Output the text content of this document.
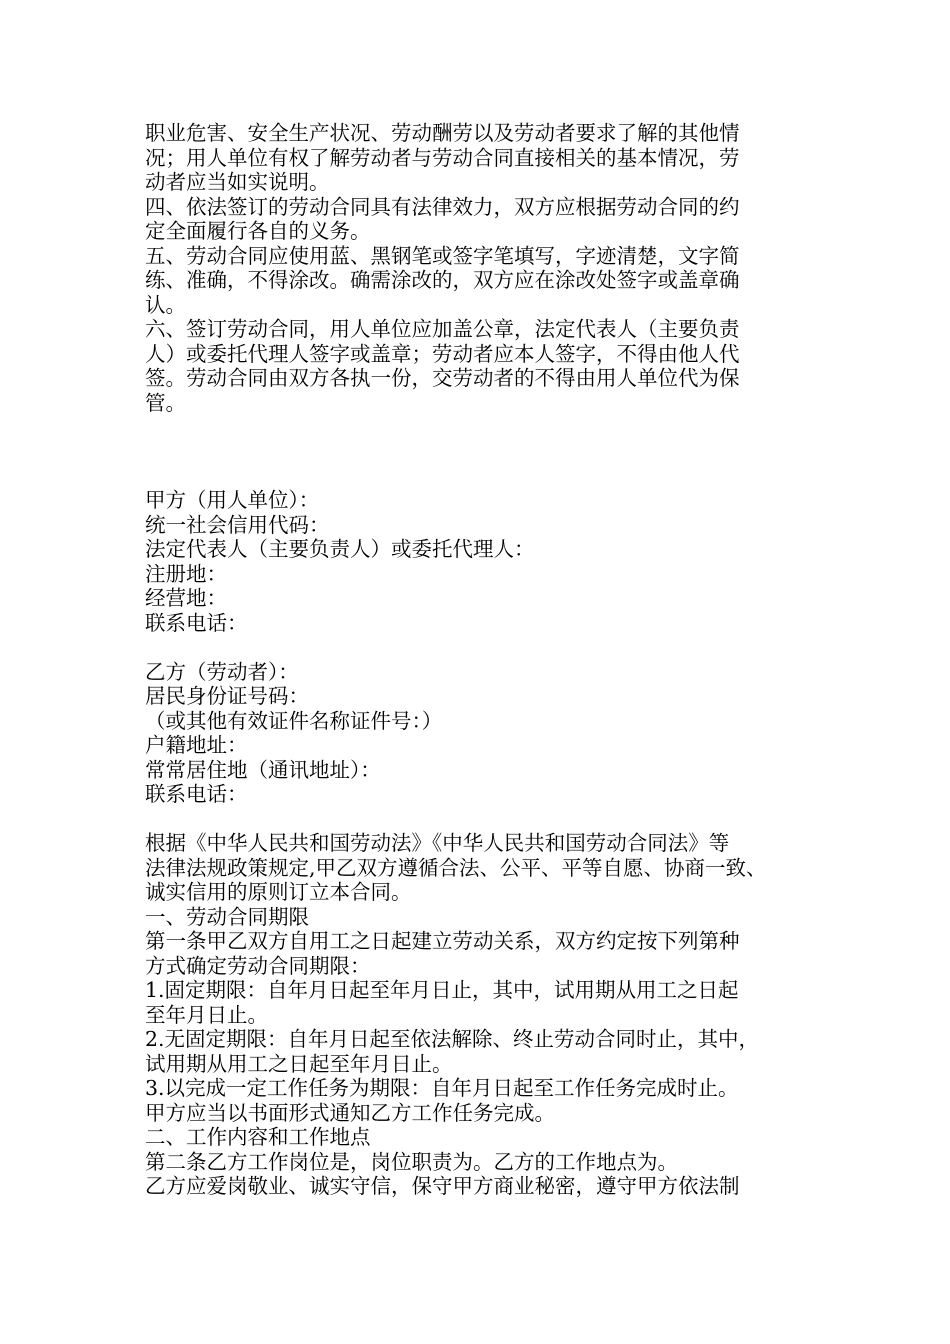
职业危害、安全生产状况、劳动酬劳以及劳动者要求了解的其他情
况；用人单位有权了解劳动者与劳动合同直接相关的基本情况，劳
动者应当如实说明。
四、依法签订的劳动合同具有法律效力，双方应根据劳动合同的约
定全面履行各自的义务。
五、劳动合同应使用蓝、黑钢笔或签字笔填写，字迹清楚，文字简
练、准确，不得涂改。确需涂改的，双方应在涂改处签字或盖章确
认。
六、签订劳动合同，用人单位应加盖公章，法定代表人（主要负责
人）或委托代理人签字或盖章；劳动者应本人签字，不得由他人代
签。劳动合同由双方各执一份，交劳动者的不得由用人单位代为保
管。
甲方（用人单位）：
统一社会信用代码：
法定代表人（主要负责人）或委托代理人：
注册地：
经营地：
联系电话：
乙方（劳动者）：
居民身份证号码：
（或其他有效证件名称证件号：）
户籍地址：
常常居住地（通讯地址）：
联系电话：
根据《中华人民共和国劳动法》《中华人民共和国劳动合同法》等
法律法规政策规定,甲乙双方遵循合法、公平、平等自愿、协商一致、
诚实信用的原则订立本合同。
一、劳动合同期限
第一条甲乙双方自用工之日起建立劳动关系，双方约定按下列第种
方式确定劳动合同期限：
1.固定期限：自年月日起至年月日止，其中，试用期从用工之日起
至年月日止。
2.无固定期限：自年月日起至依法解除、终止劳动合同时止，其中，
试用期从用工之日起至年月日止。
3.以完成一定工作任务为期限：自年月日起至工作任务完成时止。
甲方应当以书面形式通知乙方工作任务完成。
二、工作内容和工作地点
第二条乙方工作岗位是，岗位职责为。乙方的工作地点为。
乙方应爱岗敬业、诚实守信，保守甲方商业秘密，遵守甲方依法制
